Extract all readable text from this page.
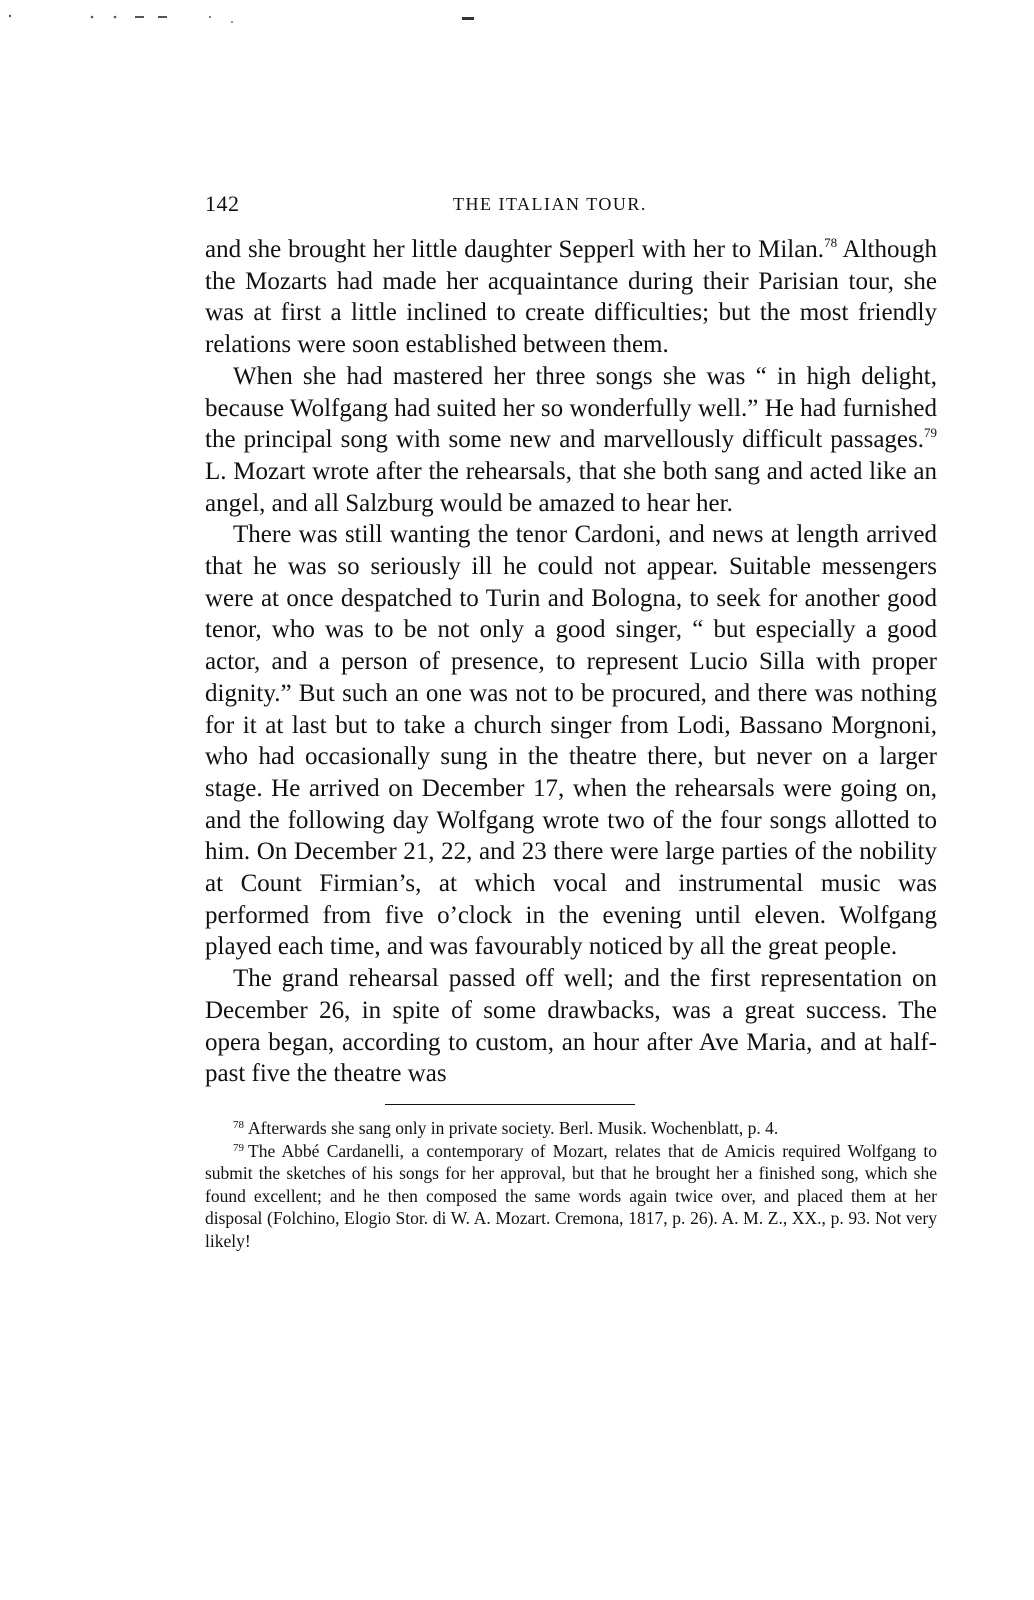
142	THE ITALIAN TOUR.

and she brought her little daughter Sepperl with her to Milan.$^{78}$ Although the Mozarts had made her acquaintance during their Parisian tour, she was at first a little inclined to create difficulties; but the most friendly relations were soon established between them.

When she had mastered her three songs she was “ in high delight, because Wolfgang had suited her so wonderfully well.” He had furnished the principal song with some new and marvellously difficult passages.$^{79}$ L. Mozart wrote after the rehearsals, that she both sang and acted like an angel, and all Salzburg would be amazed to hear her.

There was still wanting the tenor Cardoni, and news at length arrived that he was so seriously ill he could not appear. Suitable messengers were at once despatched to Turin and Bologna, to seek for another good tenor, who was to be not only a good singer, “ but especially a good actor, and a person of presence, to represent Lucio Silla with proper dignity.” But such an one was not to be procured, and there was nothing for it at last but to take a church singer from Lodi, Bassano Morgnoni, who had occasionally sung in the theatre there, but never on a larger stage. He arrived on December 17, when the rehearsals were going on, and the following day Wolfgang wrote two of the four songs allotted to him. On December 21, 22, and 23 there were large parties of the nobility at Count Firmian’s, at which vocal and instrumental music was performed from five o’clock in the evening until eleven. Wolfgang played each time, and was favourably noticed by all the great people.

The grand rehearsal passed off well; and the first representation on December 26, in spite of some drawbacks, was a great success. The opera began, according to custom, an hour after Ave Maria, and at half-past five the theatre was

$^{78}$ Afterwards she sang only in private society. Berl. Musik. Wochenblatt, p. 4.

$^{79}$ The Abbé Cardanelli, a contemporary of Mozart, relates that de Amicis required Wolfgang to submit the sketches of his songs for her approval, but that he brought her a finished song, which she found excellent; and he then composed the same words again twice over, and placed them at her disposal (Folchino, Elogio Stor. di W. A. Mozart. Cremona, 1817, p. 26). A. M. Z., XX., p. 93. Not very likely!
